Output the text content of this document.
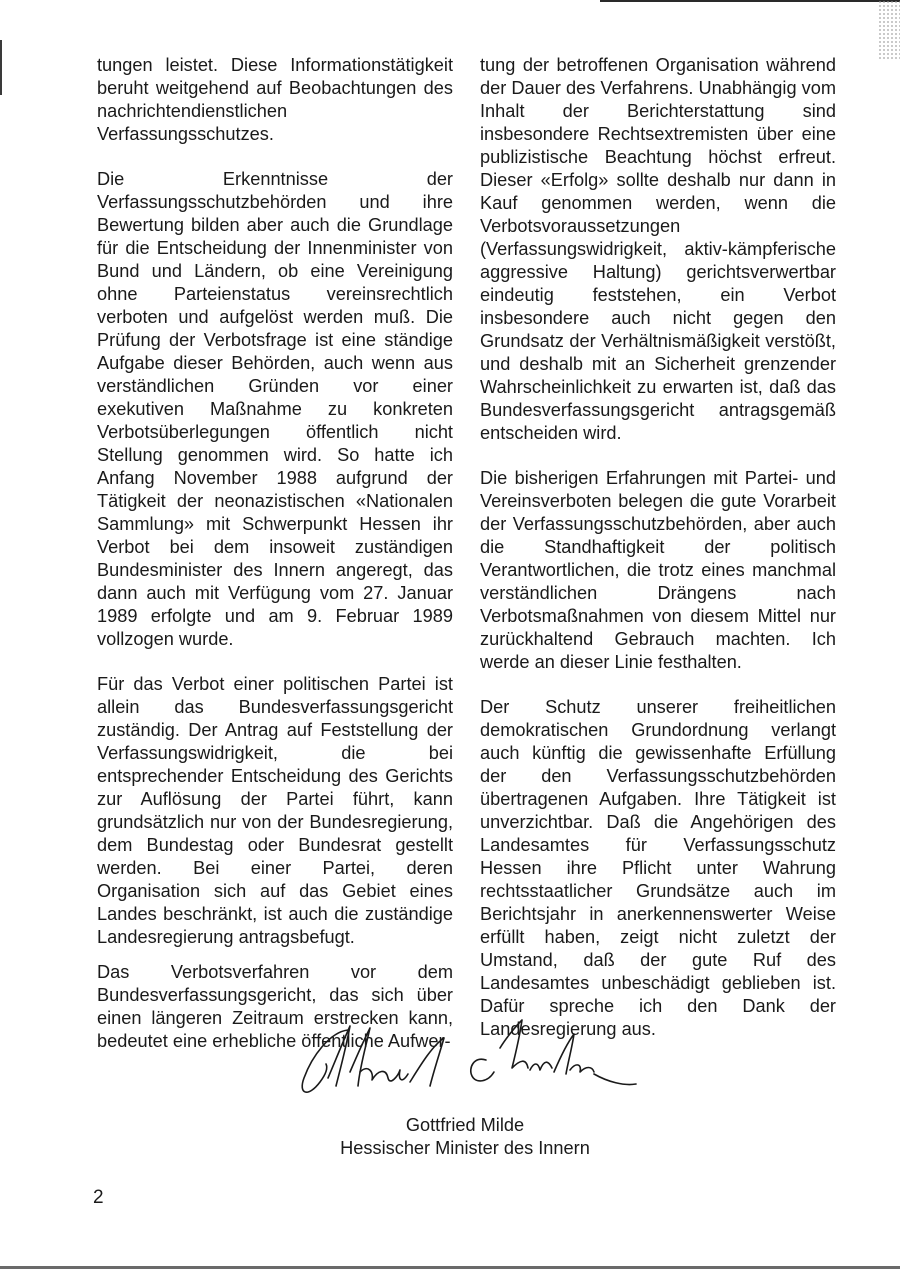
tungen leistet. Diese Informationstätigkeit beruht weitgehend auf Beobachtungen des nachrichtendienstlichen Verfassungsschutzes.

Die Erkenntnisse der Verfassungsschutzbehörden und ihre Bewertung bilden aber auch die Grundlage für die Entscheidung der Innenminister von Bund und Ländern, ob eine Vereinigung ohne Parteienstatus vereinsrechtlich verboten und aufgelöst werden muß. Die Prüfung der Verbotsfrage ist eine ständige Aufgabe dieser Behörden, auch wenn aus verständlichen Gründen vor einer exekutiven Maßnahme zu konkreten Verbotsüberlegungen öffentlich nicht Stellung genommen wird. So hatte ich Anfang November 1988 aufgrund der Tätigkeit der neonazistischen «Nationalen Sammlung» mit Schwerpunkt Hessen ihr Verbot bei dem insoweit zuständigen Bundesminister des Innern angeregt, das dann auch mit Verfügung vom 27. Januar 1989 erfolgte und am 9. Februar 1989 vollzogen wurde.

Für das Verbot einer politischen Partei ist allein das Bundesverfassungsgericht zuständig. Der Antrag auf Feststellung der Verfassungswidrigkeit, die bei entsprechender Entscheidung des Gerichts zur Auflösung der Partei führt, kann grundsätzlich nur von der Bundesregierung, dem Bundestag oder Bundesrat gestellt werden. Bei einer Partei, deren Organisation sich auf das Gebiet eines Landes beschränkt, ist auch die zuständige Landesregierung antragsbefugt.

Das Verbotsverfahren vor dem Bundesverfassungsgericht, das sich über einen längeren Zeitraum erstrecken kann, bedeutet eine erhebliche öffentliche Aufwer-

tung der betroffenen Organisation während der Dauer des Verfahrens. Unabhängig vom Inhalt der Berichterstattung sind insbesondere Rechtsextremisten über eine publizistische Beachtung höchst erfreut. Dieser «Erfolg» sollte deshalb nur dann in Kauf genommen werden, wenn die Verbotsvoraussetzungen (Verfassungswidrigkeit, aktiv-kämpferische aggressive Haltung) gerichtsverwertbar eindeutig feststehen, ein Verbot insbesondere auch nicht gegen den Grundsatz der Verhältnismäßigkeit verstößt, und deshalb mit an Sicherheit grenzender Wahrscheinlichkeit zu erwarten ist, daß das Bundesverfassungsgericht antragsgemäß entscheiden wird.

Die bisherigen Erfahrungen mit Partei- und Vereinsverboten belegen die gute Vorarbeit der Verfassungsschutzbehörden, aber auch die Standhaftigkeit der politisch Verantwortlichen, die trotz eines manchmal verständlichen Drängens nach Verbotsmaßnahmen von diesem Mittel nur zurückhaltend Gebrauch machten. Ich werde an dieser Linie festhalten.

Der Schutz unserer freiheitlichen demokratischen Grundordnung verlangt auch künftig die gewissenhafte Erfüllung der den Verfassungsschutzbehörden übertragenen Aufgaben. Ihre Tätigkeit ist unverzichtbar. Daß die Angehörigen des Landesamtes für Verfassungsschutz Hessen ihre Pflicht unter Wahrung rechtsstaatlicher Grundsätze auch im Berichtsjahr in anerkennenswerter Weise erfüllt haben, zeigt nicht zuletzt der Umstand, daß der gute Ruf des Landesamtes unbeschädigt geblieben ist. Dafür spreche ich den Dank der Landesregierung aus.

Gottfried Milde
Hessischer Minister des Innern
2
